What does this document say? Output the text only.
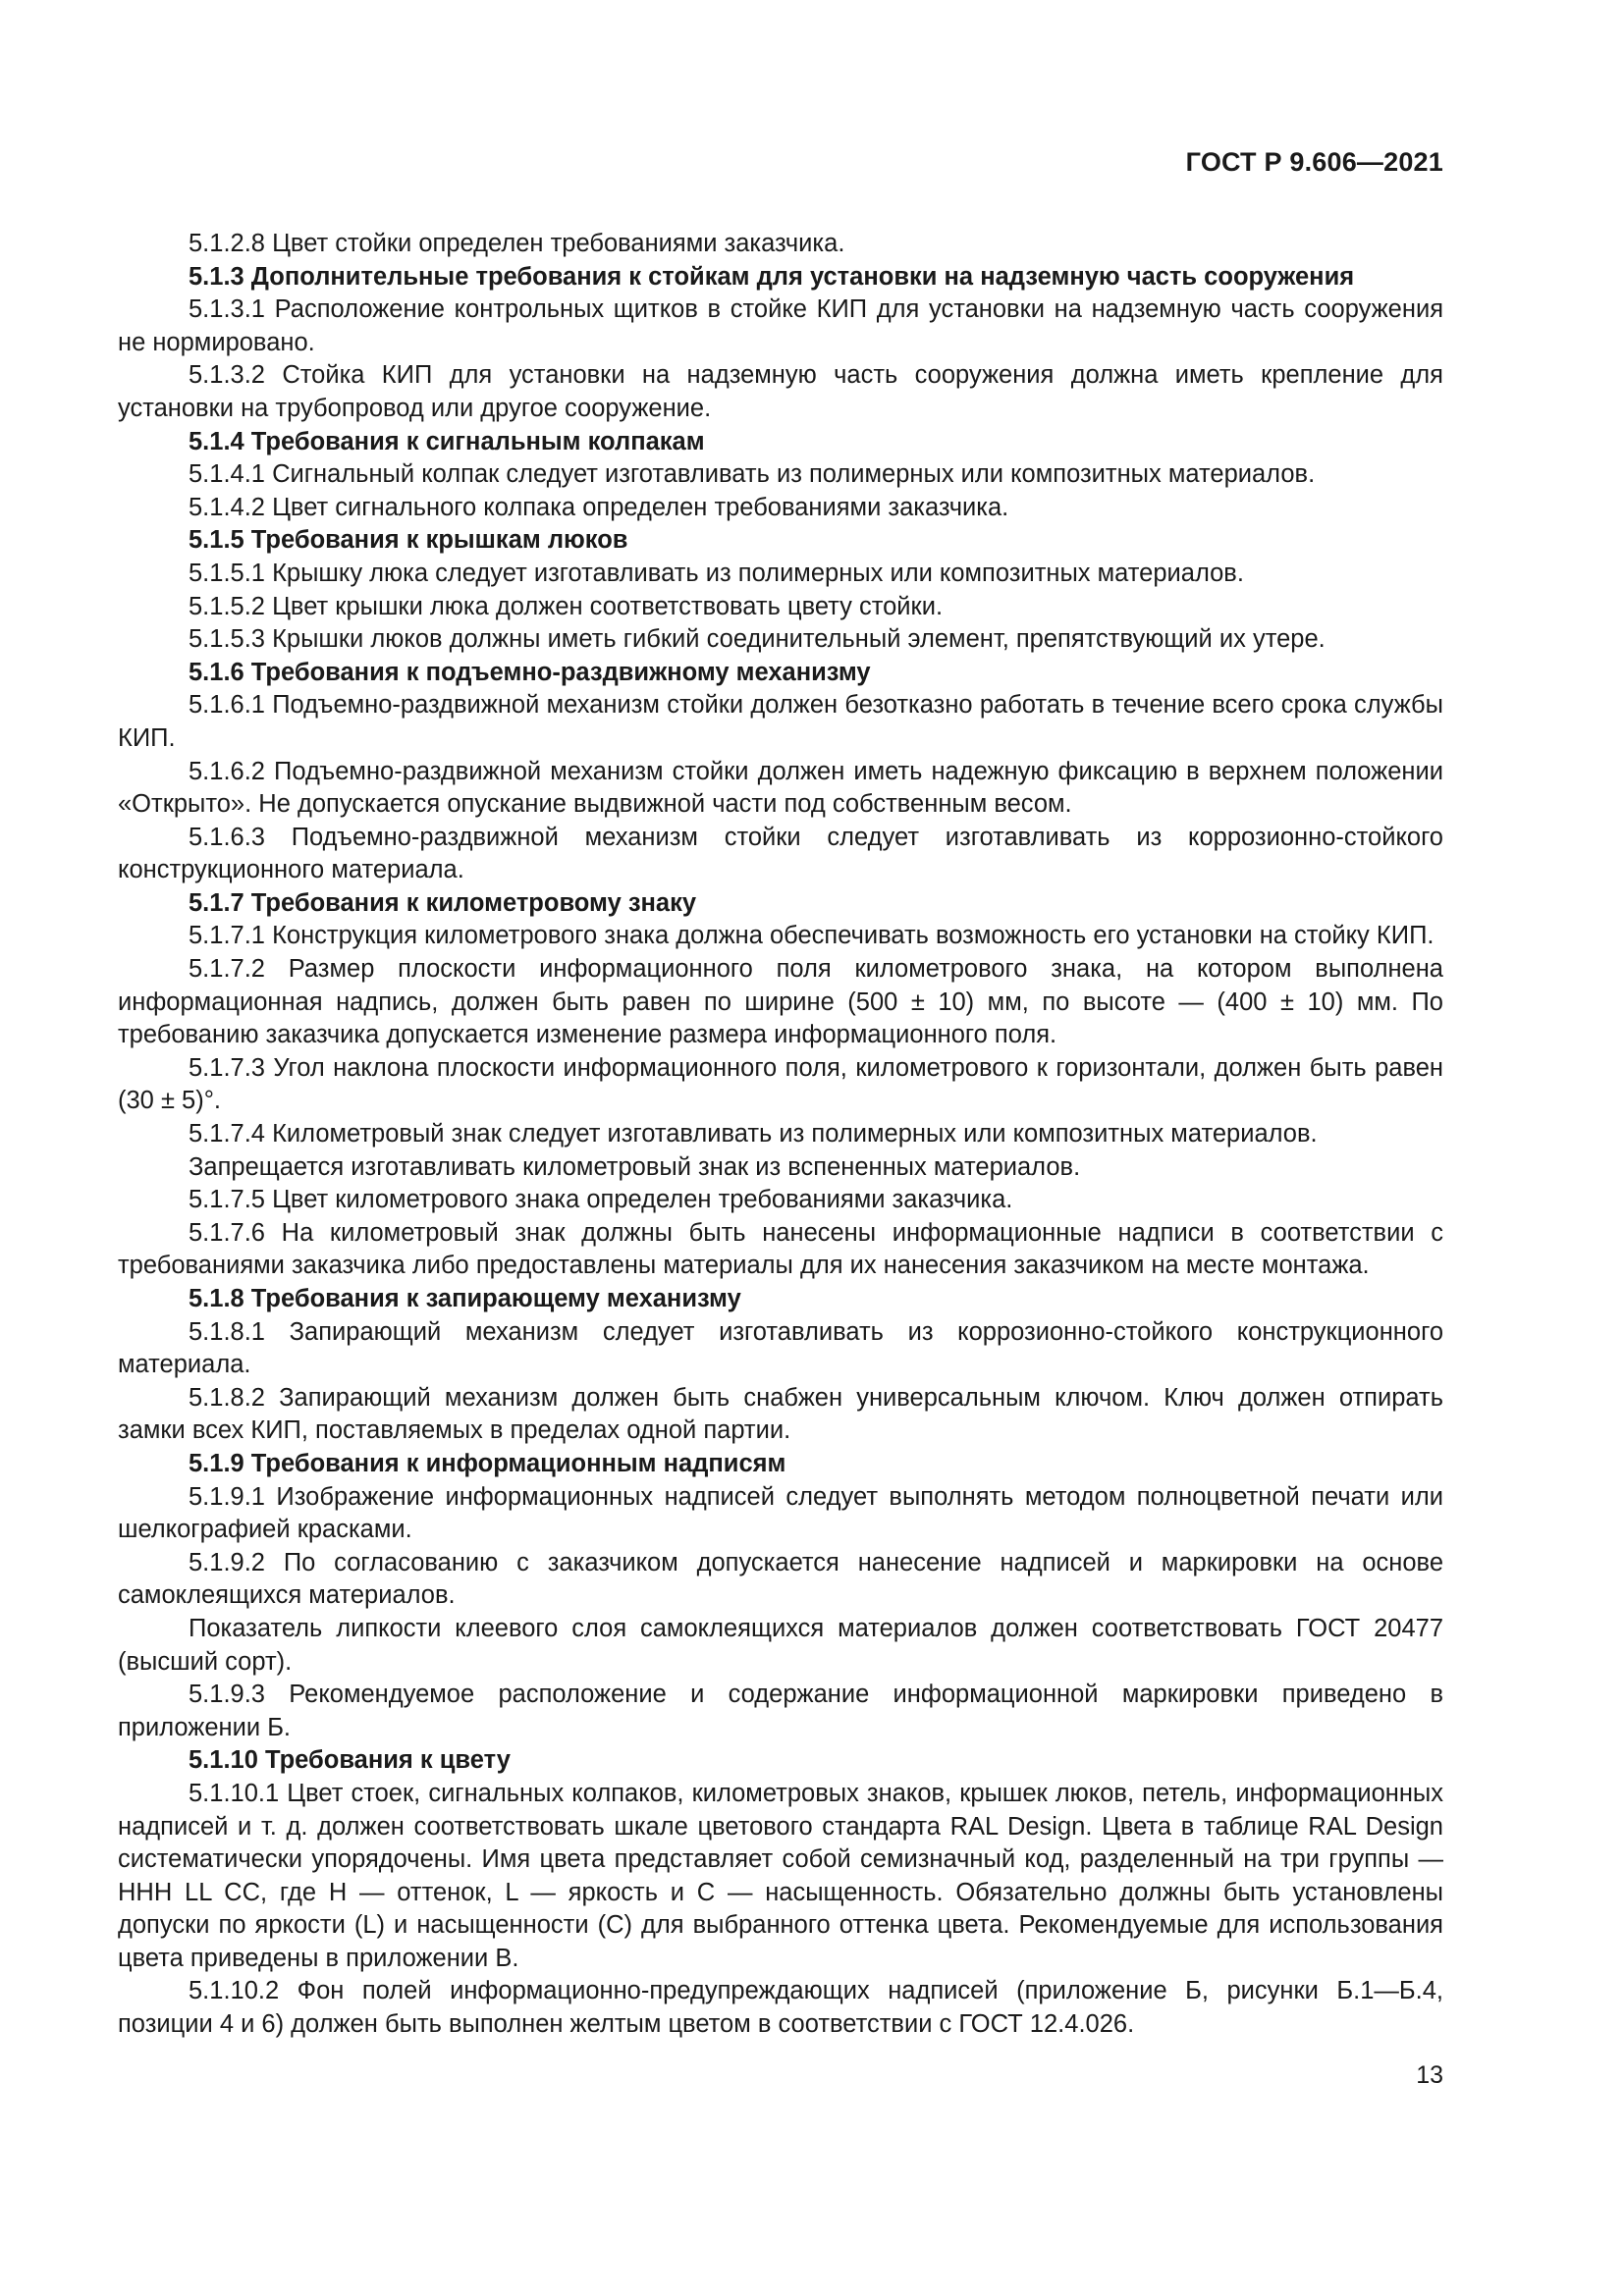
ГОСТ Р 9.606—2021

5.1.2.8 Цвет стойки определен требованиями заказчика.

5.1.3 Дополнительные требования к стойкам для установки на надземную часть сооружения

5.1.3.1 Расположение контрольных щитков в стойке КИП для установки на надземную часть сооружения не нормировано.

5.1.3.2 Стойка КИП для установки на надземную часть сооружения должна иметь крепление для установки на трубопровод или другое сооружение.

5.1.4 Требования к сигнальным колпакам

5.1.4.1 Сигнальный колпак следует изготавливать из полимерных или композитных материалов.

5.1.4.2 Цвет сигнального колпака определен требованиями заказчика.

5.1.5 Требования к крышкам люков

5.1.5.1 Крышку люка следует изготавливать из полимерных или композитных материалов.

5.1.5.2 Цвет крышки люка должен соответствовать цвету стойки.

5.1.5.3 Крышки люков должны иметь гибкий соединительный элемент, препятствующий их утере.

5.1.6 Требования к подъемно-раздвижному механизму

5.1.6.1 Подъемно-раздвижной механизм стойки должен безотказно работать в течение всего срока службы КИП.

5.1.6.2 Подъемно-раздвижной механизм стойки должен иметь надежную фиксацию в верхнем положении «Открыто». Не допускается опускание выдвижной части под собственным весом.

5.1.6.3 Подъемно-раздвижной механизм стойки следует изготавливать из коррозионно-стойкого конструкционного материала.

5.1.7 Требования к километровому знаку

5.1.7.1 Конструкция километрового знака должна обеспечивать возможность его установки на стойку КИП.

5.1.7.2 Размер плоскости информационного поля километрового знака, на котором выполнена информационная надпись, должен быть равен по ширине (500 ± 10) мм, по высоте — (400 ± 10) мм. По требованию заказчика допускается изменение размера информационного поля.

5.1.7.3 Угол наклона плоскости информационного поля, километрового к горизонтали, должен быть равен (30 ± 5)°.

5.1.7.4 Километровый знак следует изготавливать из полимерных или композитных материалов.

Запрещается изготавливать километровый знак из вспененных материалов.

5.1.7.5 Цвет километрового знака определен требованиями заказчика.

5.1.7.6 На километровый знак должны быть нанесены информационные надписи в соответствии с требованиями заказчика либо предоставлены материалы для их нанесения заказчиком на месте монтажа.

5.1.8 Требования к запирающему механизму

5.1.8.1 Запирающий механизм следует изготавливать из коррозионно-стойкого конструкционного материала.

5.1.8.2 Запирающий механизм должен быть снабжен универсальным ключом. Ключ должен отпирать замки всех КИП, поставляемых в пределах одной партии.

5.1.9 Требования к информационным надписям

5.1.9.1 Изображение информационных надписей следует выполнять методом полноцветной печати или шелкографией красками.

5.1.9.2 По согласованию с заказчиком допускается нанесение надписей и маркировки на основе самоклеящихся материалов.

Показатель липкости клеевого слоя самоклеящихся материалов должен соответствовать ГОСТ 20477 (высший сорт).

5.1.9.3 Рекомендуемое расположение и содержание информационной маркировки приведено в приложении Б.

5.1.10 Требования к цвету

5.1.10.1 Цвет стоек, сигнальных колпаков, километровых знаков, крышек люков, петель, информационных надписей и т. д. должен соответствовать шкале цветового стандарта RAL Design. Цвета в таблице RAL Design систематически упорядочены. Имя цвета представляет собой семизначный код, разделенный на три группы — HHH LL CC, где H — оттенок, L — яркость и C — насыщенность. Обязательно должны быть установлены допуски по яркости (L) и насыщенности (C) для выбранного оттенка цвета. Рекомендуемые для использования цвета приведены в приложении В.

5.1.10.2 Фон полей информационно-предупреждающих надписей (приложение Б, рисунки Б.1—Б.4, позиции 4 и 6) должен быть выполнен желтым цветом в соответствии с ГОСТ 12.4.026.

13
